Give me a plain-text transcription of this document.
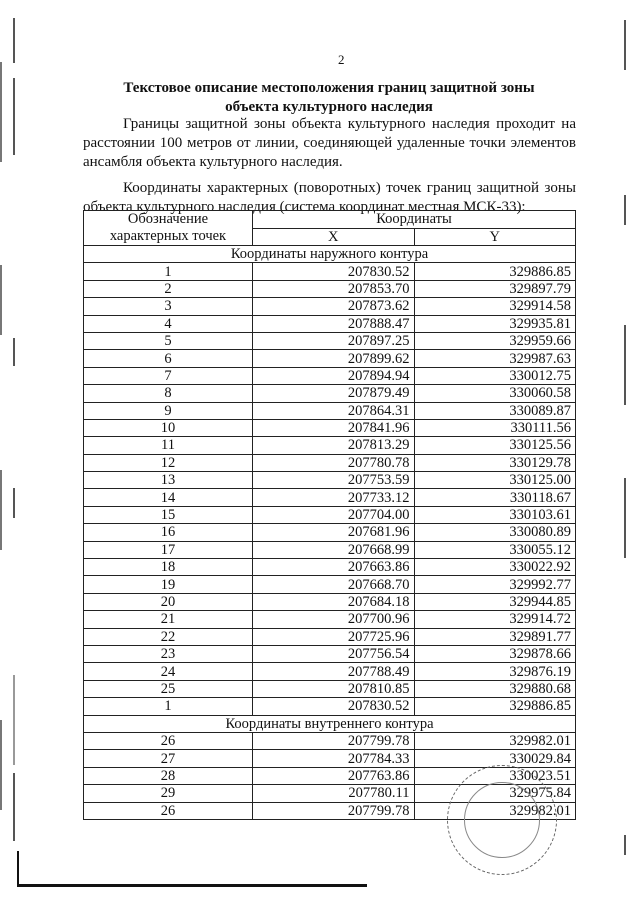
2
Текстовое описание местоположения границ защитной зоны
объекта культурного наследия
Границы защитной зоны объекта культурного наследия проходит на расстоянии 100 метров от линии, соединяющей удаленные точки элементов ансамбля объекта культурного наследия.
Координаты характерных (поворотных) точек границ защитной зоны объекта культурного наследия (система координат местная МСК-33):
Обозначение характерных точек	Координаты	
	X	Y
Координаты наружного контура		
1	207830.52	329886.85
2	207853.70	329897.79
3	207873.62	329914.58
4	207888.47	329935.81
5	207897.25	329959.66
6	207899.62	329987.63
7	207894.94	330012.75
8	207879.49	330060.58
9	207864.31	330089.87
10	207841.96	330111.56
11	207813.29	330125.56
12	207780.78	330129.78
13	207753.59	330125.00
14	207733.12	330118.67
15	207704.00	330103.61
16	207681.96	330080.89
17	207668.99	330055.12
18	207663.86	330022.92
19	207668.70	329992.77
20	207684.18	329944.85
21	207700.96	329914.72
22	207725.96	329891.77
23	207756.54	329878.66
24	207788.49	329876.19
25	207810.85	329880.68
1	207830.52	329886.85
Координаты внутреннего контура		
26	207799.78	329982.01
27	207784.33	330029.84
28	207763.86	330023.51
29	207780.11	329975.84
26	207799.78	329982.01
